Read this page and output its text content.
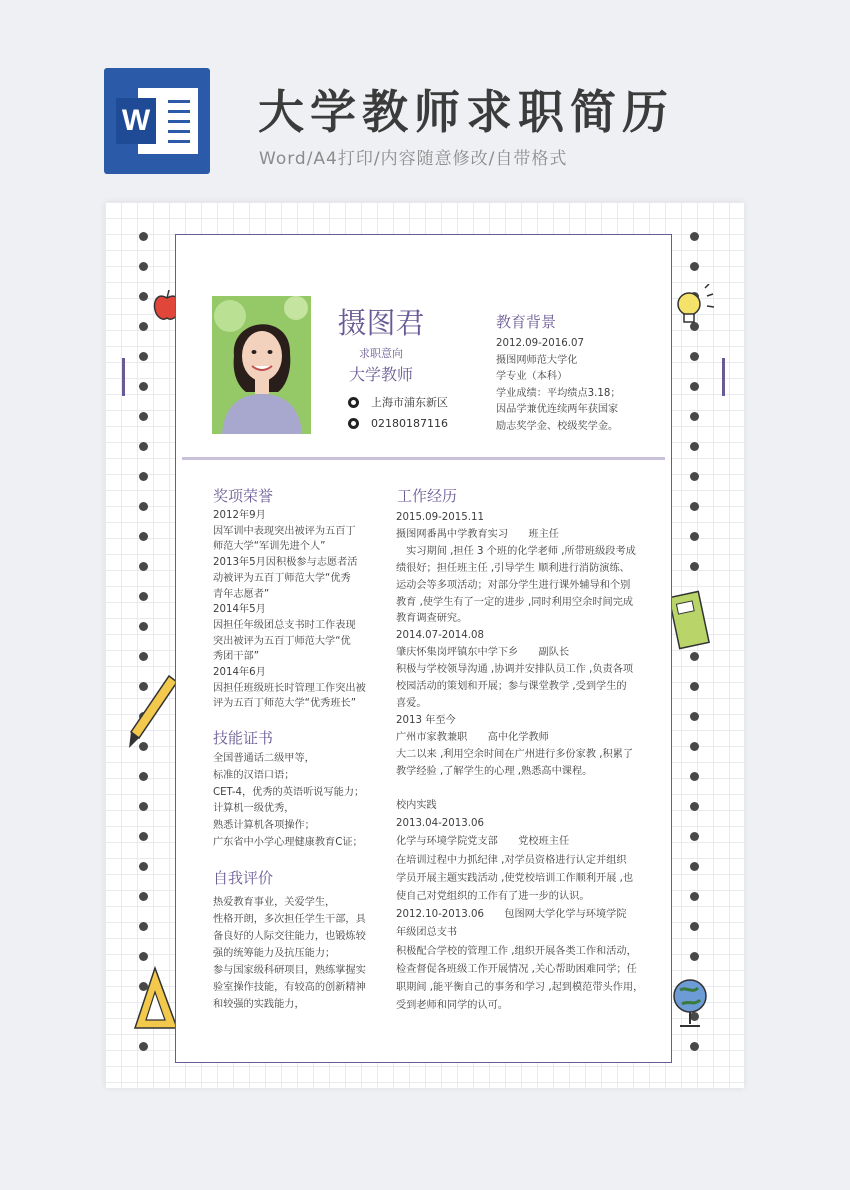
W 大学教师求职简历
Word/A4打印/内容随意修改/自带格式
摄图君
求职意向
大学教师
上海市浦东新区
02180187116
教育背景
2012.09-2016.07
摄图网师范大学化
学专业（本科）
学业成绩：平均绩点3.18；
因品学兼优连续两年获国家
励志奖学金、校级奖学金。
奖项荣誉
2012年9月
因军训中表现突出被评为五百丁
师范大学“军训先进个人”
2013年5月因积极参与志愿者活
动被评为五百丁师范大学“优秀
青年志愿者”
2014年5月
因担任年级团总支书时工作表现
突出被评为五百丁师范大学“优
秀团干部”
2014年6月
因担任班级班长时管理工作突出被
评为五百丁师范大学“优秀班长”
技能证书
全国普通话二级甲等，
标准的汉语口语；
CET-4，优秀的英语听说写能力；
计算机一级优秀，
熟悉计算机各项操作；
广东省中小学心理健康教育C证；
自我评价
热爱教育事业，关爱学生，
性格开朗，多次担任学生干部，具
备良好的人际交往能力，也锻炼较
强的统筹能力及抗压能力；
参与国家级科研项目，熟练掌握实
验室操作技能，有较高的创新精神
和较强的实践能力，
工作经历
2015.09-2015.11
摄图网番禺中学教育实习　　班主任
　实习期间 ,担任 3 个班的化学老师 ,所带班级段考成
绩很好；担任班主任 ,引导学生 顺利进行消防演练、
运动会等多项活动；对部分学生进行课外辅导和个别
教育 ,使学生有了一定的进步 ,同时利用空余时间完成
教育调查研究。
2014.07-2014.08
肇庆怀集岗坪镇东中学下乡　　副队长
积极与学校领导沟通 ,协调并安排队员工作 ,负责各项
校园活动的策划和开展；参与课堂教学 ,受到学生的
喜爱。
2013 年至今
广州市家教兼职　　高中化学教师
大二以来 ,利用空余时间在广州进行多份家教 ,积累了
教学经验 ,了解学生的心理 ,熟悉高中课程。
校内实践
2013.04-2013.06
化学与环境学院党支部　　党校班主任
在培训过程中力抓纪律 ,对学员资格进行认定并组织
学员开展主题实践活动 ,使党校培训工作顺利开展 ,也
使自己对党组织的工作有了进一步的认识。
2012.10-2013.06　　包图网大学化学与环境学院
年级团总支书
积极配合学校的管理工作 ,组织开展各类工作和活动，
检查督促各班级工作开展情况 ,关心帮助困难同学；任
职期间 ,能平衡自己的事务和学习 ,起到模范带头作用，
受到老师和同学的认可。
